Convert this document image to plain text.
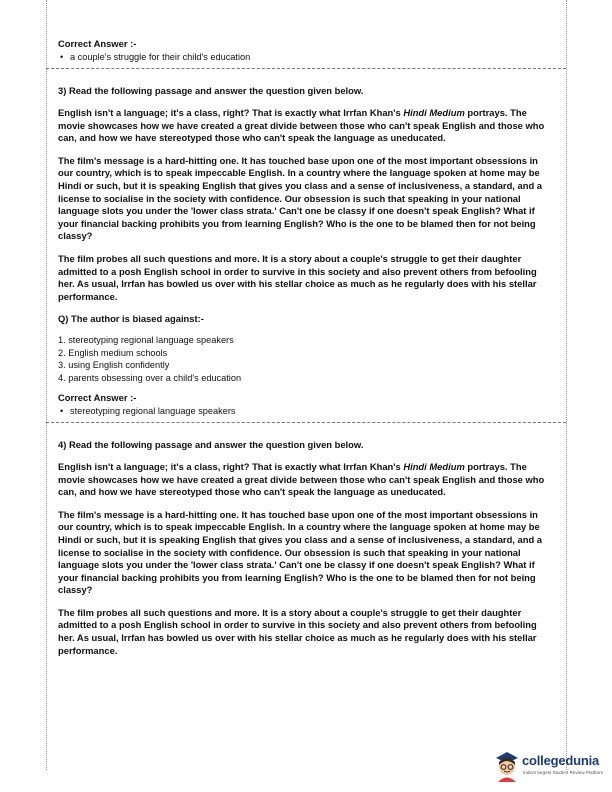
Correct Answer :-
• a couple's struggle for their child's education
3) Read the following passage and answer the question given below.

English isn't a language; it's a class, right? That is exactly what Irrfan Khan's Hindi Medium portrays. The movie showcases how we have created a great divide between those who can't speak English and those who can, and how we have stereotyped those who can't speak the language as uneducated.

The film's message is a hard-hitting one. It has touched base upon one of the most important obsessions in our country, which is to speak impeccable English. In a country where the language spoken at home may be Hindi or such, but it is speaking English that gives you class and a sense of inclusiveness, a standard, and a license to socialise in the society with confidence. Our obsession is such that speaking in your national language slots you under the 'lower class strata.' Can't one be classy if one doesn't speak English? What if your financial backing prohibits you from learning English? Who is the one to be blamed then for not being classy?

The film probes all such questions and more. It is a story about a couple's struggle to get their daughter admitted to a posh English school in order to survive in this society and also prevent others from befooling her. As usual, Irrfan has bowled us over with his stellar choice as much as he regularly does with his stellar performance.

Q) The author is biased against:-
1. stereotyping regional language speakers
2. English medium schools
3. using English confidently
4. parents obsessing over a child's education
Correct Answer :-
• stereotyping regional language speakers
4) Read the following passage and answer the question given below.

English isn't a language; it's a class, right? That is exactly what Irrfan Khan's Hindi Medium portrays. The movie showcases how we have created a great divide between those who can't speak English and those who can, and how we have stereotyped those who can't speak the language as uneducated.

The film's message is a hard-hitting one. It has touched base upon one of the most important obsessions in our country, which is to speak impeccable English. In a country where the language spoken at home may be Hindi or such, but it is speaking English that gives you class and a sense of inclusiveness, a standard, and a license to socialise in the society with confidence. Our obsession is such that speaking in your national language slots you under the 'lower class strata.' Can't one be classy if one doesn't speak English? What if your financial backing prohibits you from learning English? Who is the one to be blamed then for not being classy?

The film probes all such questions and more. It is a story about a couple's struggle to get their daughter admitted to a posh English school in order to survive in this society and also prevent others from befooling her. As usual, Irrfan has bowled us over with his stellar choice as much as he regularly does with his stellar performance.

collegedunia
India's largest Student Review Platform
